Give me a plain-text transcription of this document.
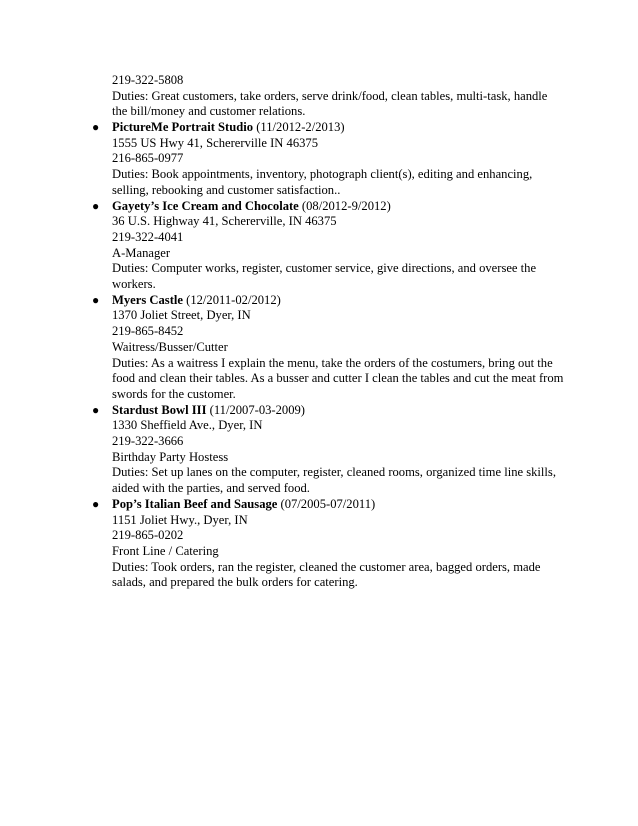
219-322-5808
Duties: Great customers, take orders, serve drink/food, clean tables, multi-task, handle
the bill/money and customer relations.
● PictureMe Portrait Studio (11/2012-2/2013)
1555 US Hwy 41, Schererville IN 46375
216-865-0977
Duties: Book appointments, inventory, photograph client(s), editing and enhancing,
selling, rebooking and customer satisfaction..
● Gayety’s Ice Cream and Chocolate (08/2012-9/2012)
36 U.S. Highway 41, Schererville, IN 46375
219-322-4041
A-Manager
Duties: Computer works, register, customer service, give directions, and oversee the
workers.
● Myers Castle (12/2011-02/2012)
1370 Joliet Street, Dyer, IN
219-865-8452
Waitress/Busser/Cutter
Duties: As a waitress I explain the menu, take the orders of the costumers, bring out the
food and clean their tables. As a busser and cutter I clean the tables and cut the meat from
swords for the customer.
● Stardust Bowl III (11/2007-03-2009)
1330 Sheffield Ave., Dyer, IN
219-322-3666
Birthday Party Hostess
Duties: Set up lanes on the computer, register, cleaned rooms, organized time line skills,
aided with the parties, and served food.
● Pop’s Italian Beef and Sausage (07/2005-07/2011)
1151 Joliet Hwy., Dyer, IN
219-865-0202
Front Line / Catering
Duties: Took orders, ran the register, cleaned the customer area, bagged orders, made
salads, and prepared the bulk orders for catering.
